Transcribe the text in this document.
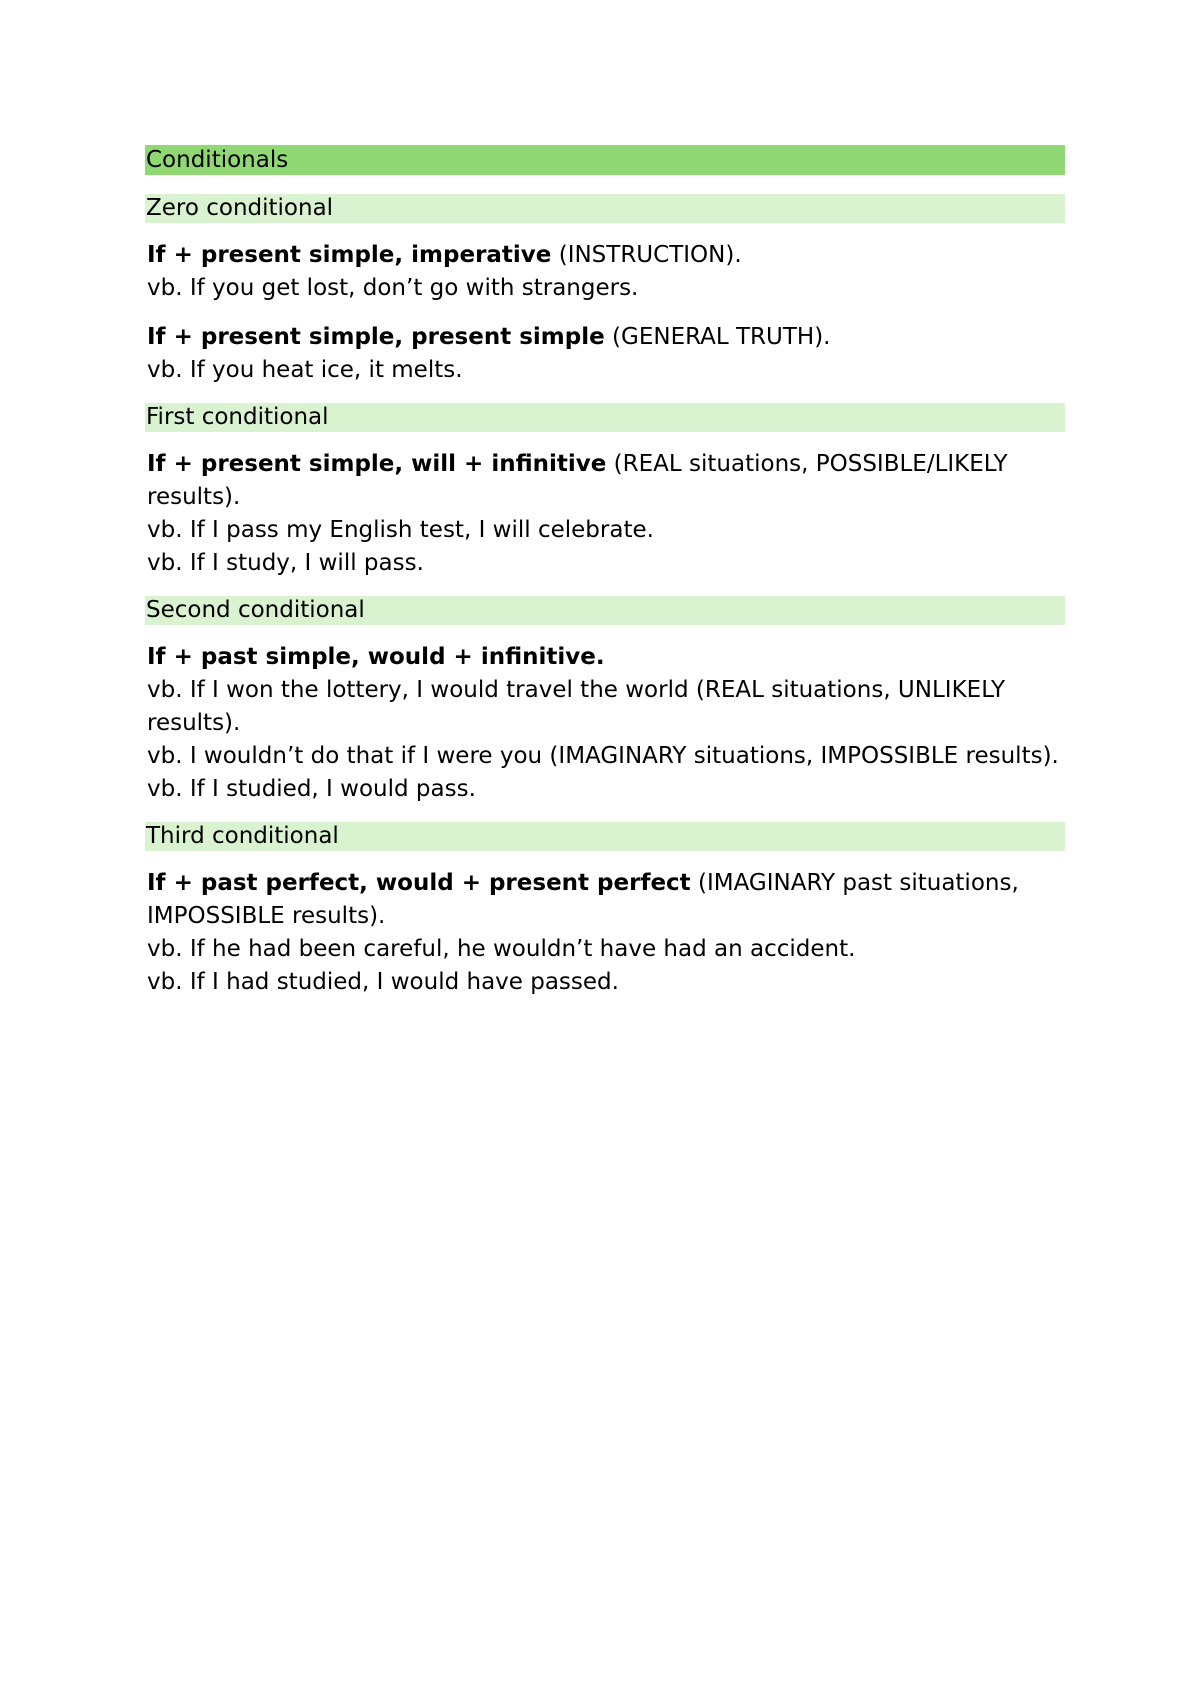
Conditionals
Zero conditional

If + present simple, imperative (INSTRUCTION).

vb. If you get lost, don’t go with strangers.

If + present simple, present simple (GENERAL TRUTH).

vb. If you heat ice, it melts.

First conditional

If + present simple, will + infinitive (REAL situations, POSSIBLE/LIKELY results).

vb. If I pass my English test, I will celebrate.

vb. If I study, I will pass.

Second conditional

If + past simple, would + infinitive.

vb. If I won the lottery, I would travel the world (REAL situations, UNLIKELY results).

vb. I wouldn’t do that if I were you (IMAGINARY situations, IMPOSSIBLE results).

vb. If I studied, I would pass.

Third conditional

If + past perfect, would + present perfect (IMAGINARY past situations, IMPOSSIBLE results).

vb. If he had been careful, he wouldn’t have had an accident.

vb. If I had studied, I would have passed.
